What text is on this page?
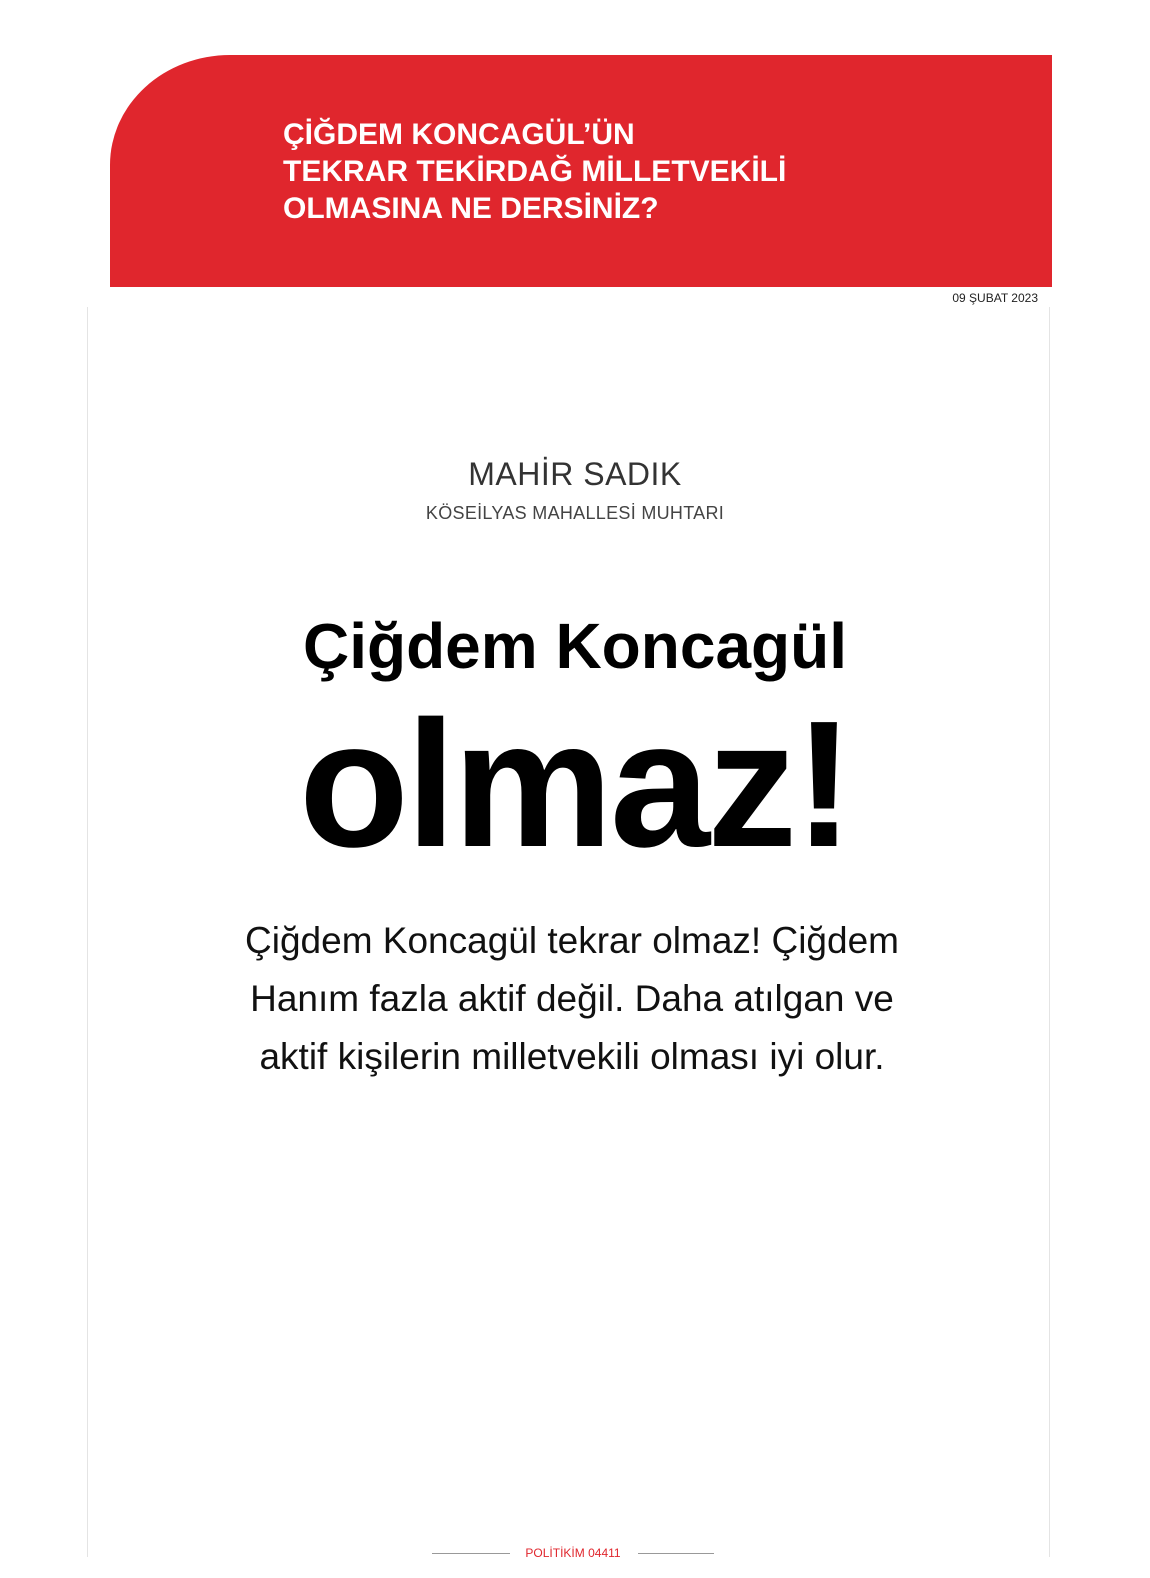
ÇİĞDEM KONCAGÜL’ÜN
TEKRAR TEKİRDAĞ MİLLETVEKİLİ
OLMASINA NE DERSİNİZ?
09 ŞUBAT 2023

MAHİR SADIK

KÖSEİLYAS MAHALLESİ MUHTARI

Çiğdem Koncagül
olmaz!

Çiğdem Koncagül tekrar olmaz! Çiğdem Hanım fazla aktif değil. Daha atılgan ve aktif kişilerin milletvekili olması iyi olur.

POLİTİKİM 04411
